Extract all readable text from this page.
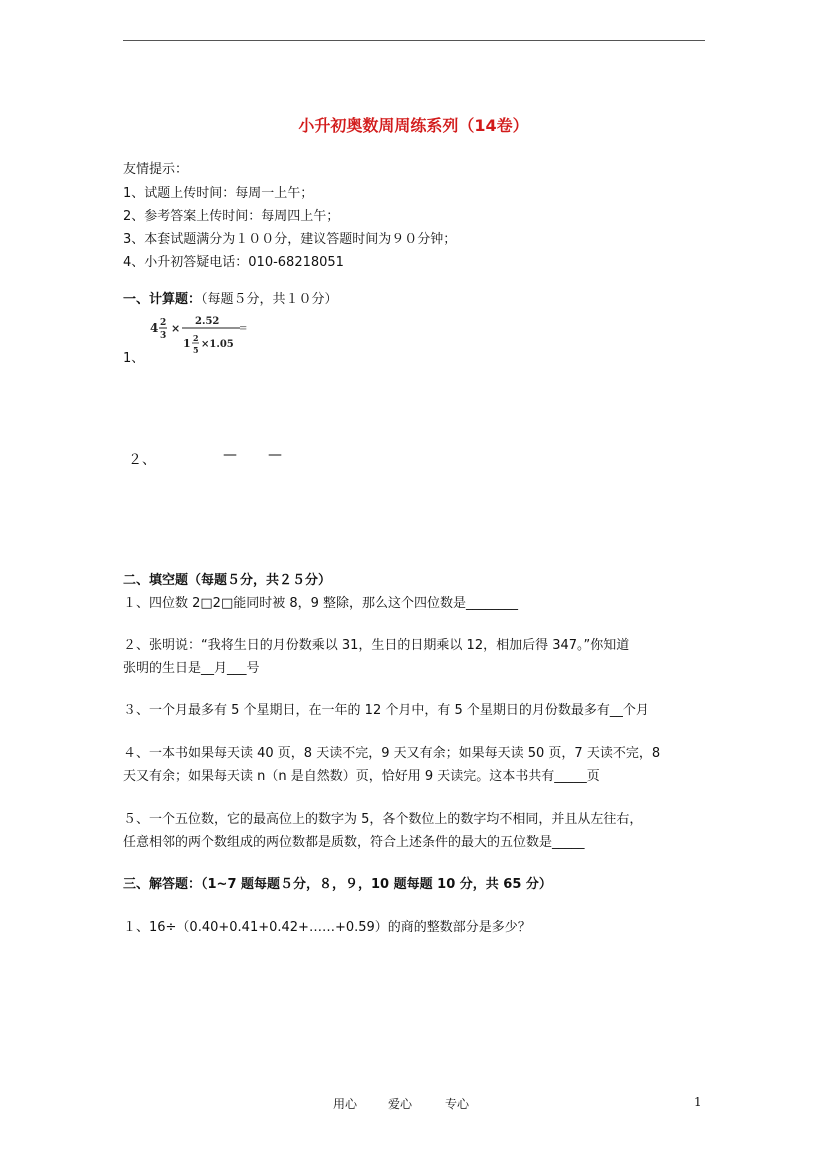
小升初奥数周周练系列（14卷）
友情提示：
1、试题上传时间：每周一上午；
2、参考答案上传时间：每周四上午；
3、本套试题满分为１００分，建议答题时间为９０分钟；
4、小升初答疑电话：010-68218051
一、计算题：（每题５分，共１０分）
4 2
3
×
2.52
1 2
5 ×1.05
=
1、
２、	— —
二、填空题（每题５分，共２５分）
１、四位数 2□2□能同时被 8，9 整除，那么这个四位数是________
２、张明说：“我将生日的月份数乘以 31，生日的日期乘以 12，相加后得 347。”你知道
张明的生日是__月___号
３、一个月最多有 5 个星期日，在一年的 12 个月中，有 5 个星期日的月份数最多有__个月
４、一本书如果每天读 40 页，8 天读不完，9 天又有余；如果每天读 50 页，7 天读不完，8
天又有余；如果每天读 n（n 是自然数）页，恰好用 9 天读完。这本书共有_____页
５、一个五位数，它的最高位上的数字为 5，各个数位上的数字均不相同，并且从左往右，
任意相邻的两个数组成的两位数都是质数，符合上述条件的最大的五位数是_____
三、解答题：（1~7 题每题５分，８，９，10 题每题 10 分，共 65 分）
１、16÷（0.40+0.41+0.42+……+0.59）的商的整数部分是多少？
用心	爱心	专心	1
